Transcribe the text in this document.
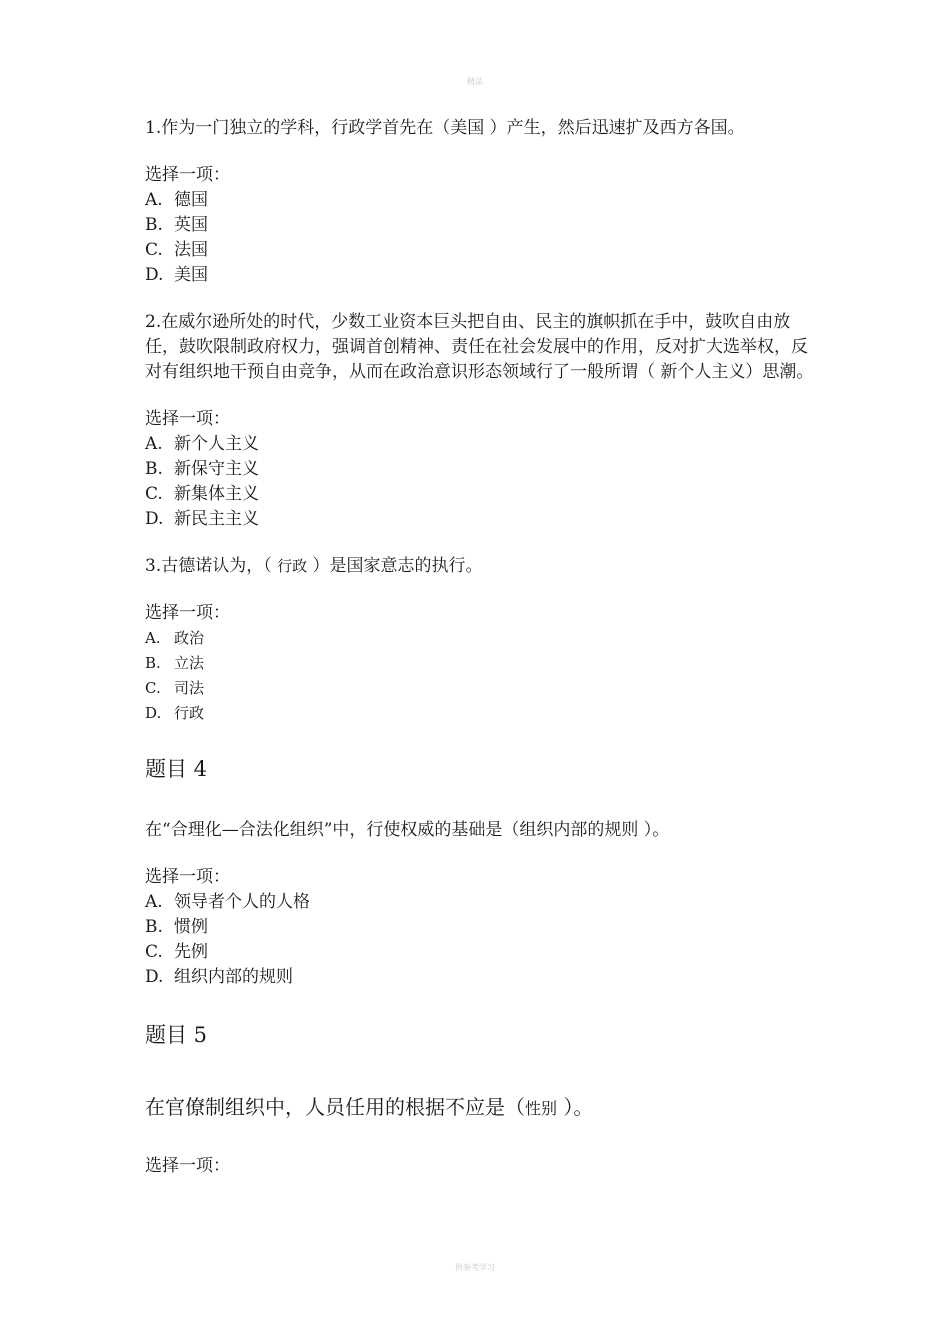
精品

1.作为一门独立的学科，行政学首先在（美国 ）产生，然后迅速扩及西方各国。

选择一项：

A. 德国
B. 英国
C. 法国
D. 美国

2.在威尔逊所处的时代，少数工业资本巨头把自由、民主的旗帜抓在手中，鼓吹自由放任，鼓吹限制政府权力，强调首创精神、责任在社会发展中的作用，反对扩大选举权，反对有组织地干预自由竞争，从而在政治意识形态领域行了一般所谓（ 新个人主义）思潮。

选择一项：

A. 新个人主义
B. 新保守主义
C. 新集体主义
D. 新民主主义

3.古德诺认为，（ 行政 ）是国家意志的执行。

选择一项：

A. 政治
B. 立法
C. 司法
D. 行政

题目 4

在“合理化—合法化组织”中，行使权威的基础是（组织内部的规则 ）。

选择一项：

A. 领导者个人的人格
B. 惯例
C. 先例
D. 组织内部的规则

题目 5

在官僚制组织中，人员任用的根据不应是（性别 ）。

选择一项：

供参考学习
